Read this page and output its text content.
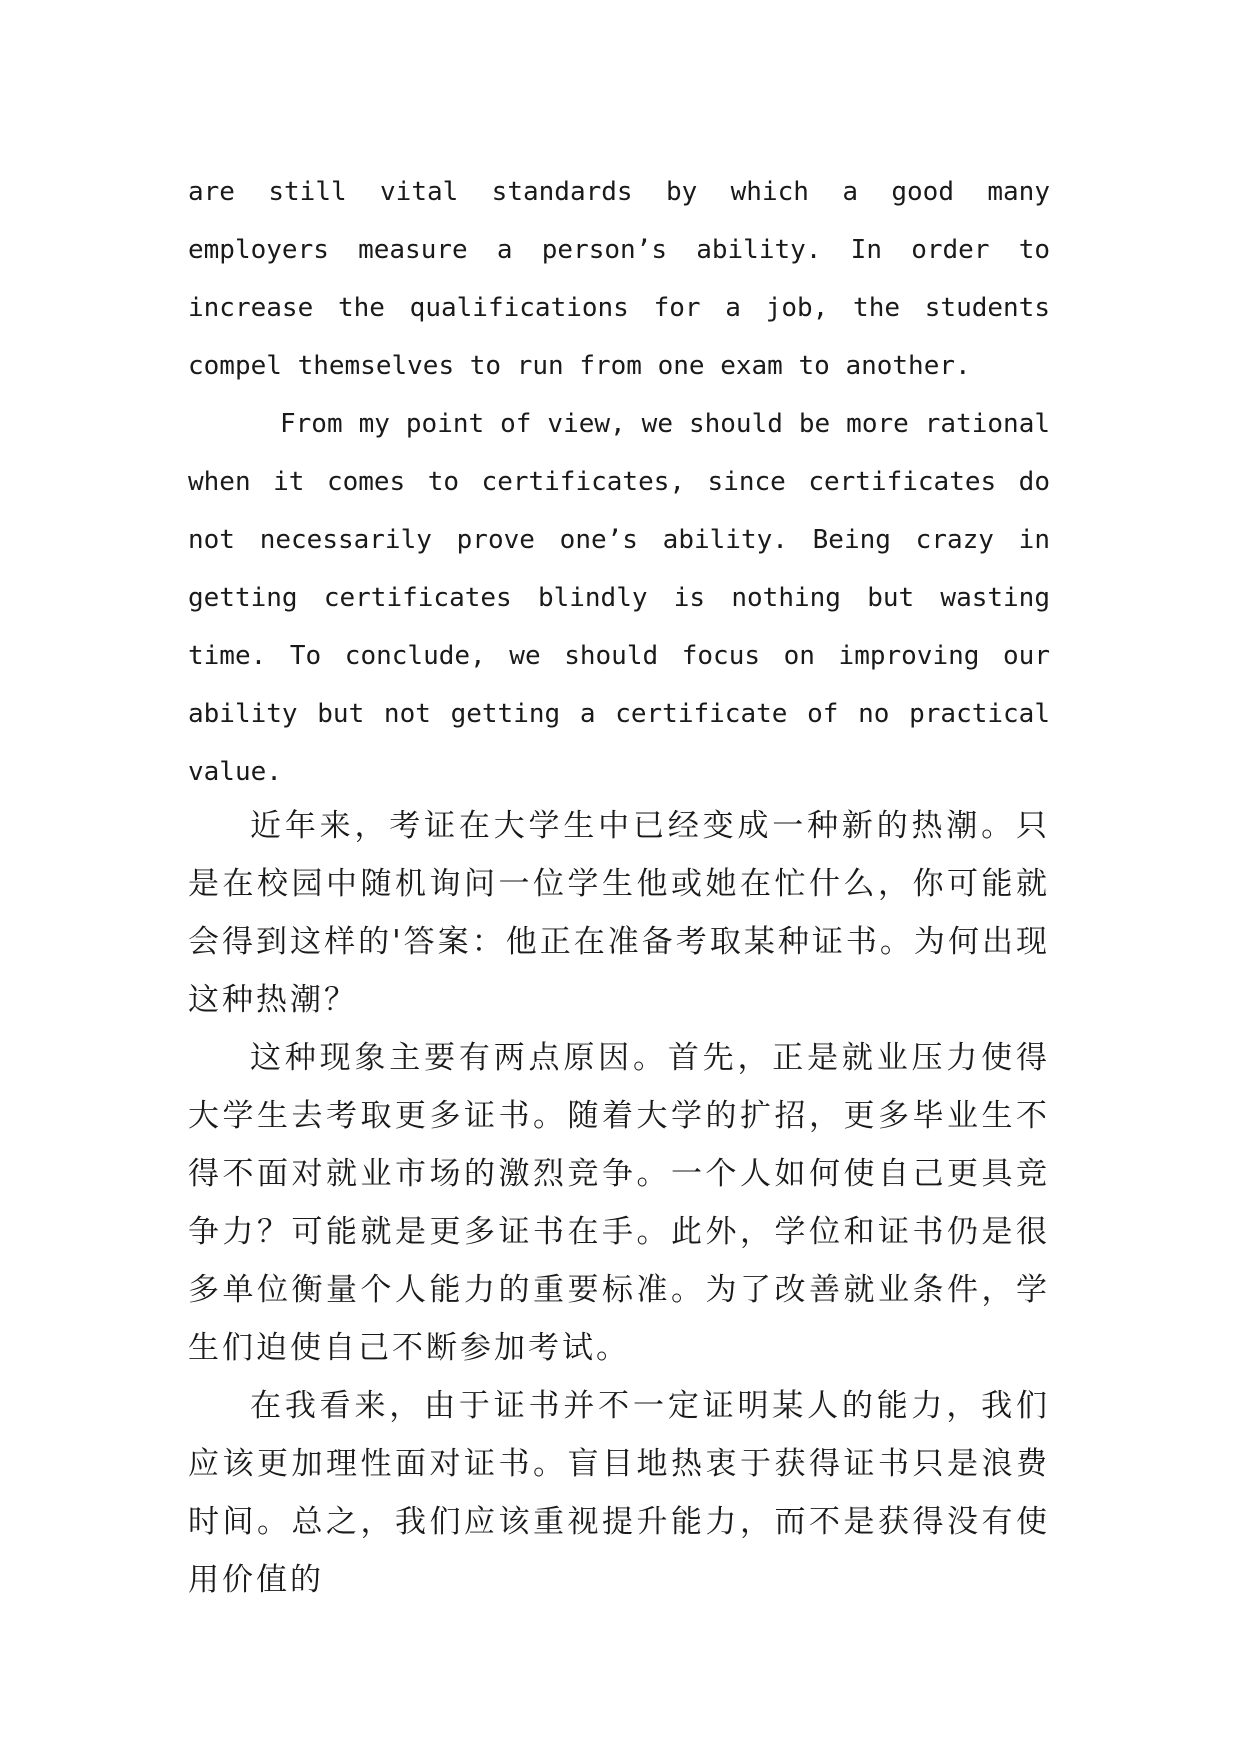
are still vital standards by which a good many employers measure a person’s ability. In order to increase the qualifications for a job, the students compel themselves to run from one exam to another.

From my point of view, we should be more rational when it comes to certificates, since certificates do not necessarily prove one’s ability. Being crazy in getting certificates blindly is nothing but wasting time. To conclude, we should focus on improving our ability but not getting a certificate of no practical value.

近年来，考证在大学生中已经变成一种新的热潮。只是在校园中随机询问一位学生他或她在忙什么，你可能就会得到这样的'答案：他正在准备考取某种证书。为何出现这种热潮？

这种现象主要有两点原因。首先，正是就业压力使得大学生去考取更多证书。随着大学的扩招，更多毕业生不得不面对就业市场的激烈竞争。一个人如何使自己更具竞争力？可能就是更多证书在手。此外，学位和证书仍是很多单位衡量个人能力的重要标准。为了改善就业条件，学生们迫使自己不断参加考试。

在我看来，由于证书并不一定证明某人的能力，我们应该更加理性面对证书。盲目地热衷于获得证书只是浪费时间。总之，我们应该重视提升能力，而不是获得没有使用价值的
